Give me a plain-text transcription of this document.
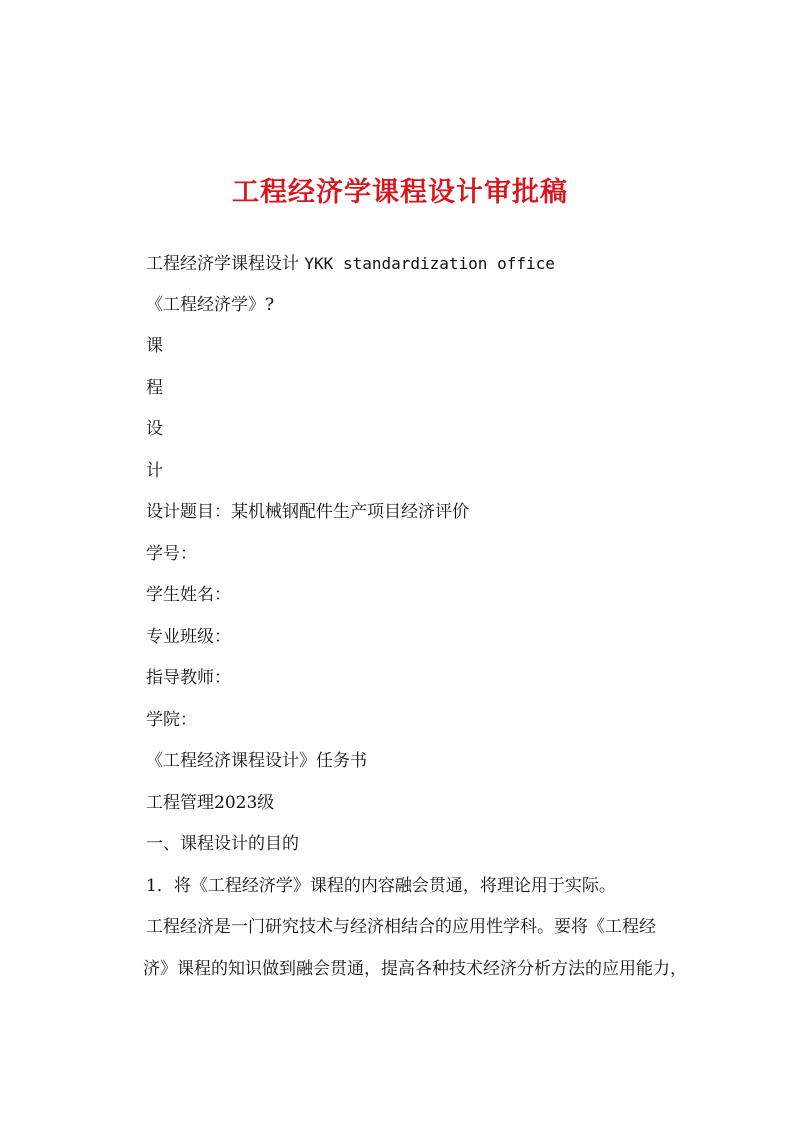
工程经济学课程设计审批稿

工程经济学课程设计 YKK standardization office

《工程经济学》?

课

程

设

计

设计题目：某机械钢配件生产项目经济评价

学号：

学生姓名：

专业班级：

指导教师：

学院：

《工程经济课程设计》任务书

工程管理2023级

一、课程设计的目的

1．将《工程经济学》课程的内容融会贯通，将理论用于实际。

工程经济是一门研究技术与经济相结合的应用性学科。要将《工程经
济》课程的知识做到融会贯通，提高各种技术经济分析方法的应用能力，
